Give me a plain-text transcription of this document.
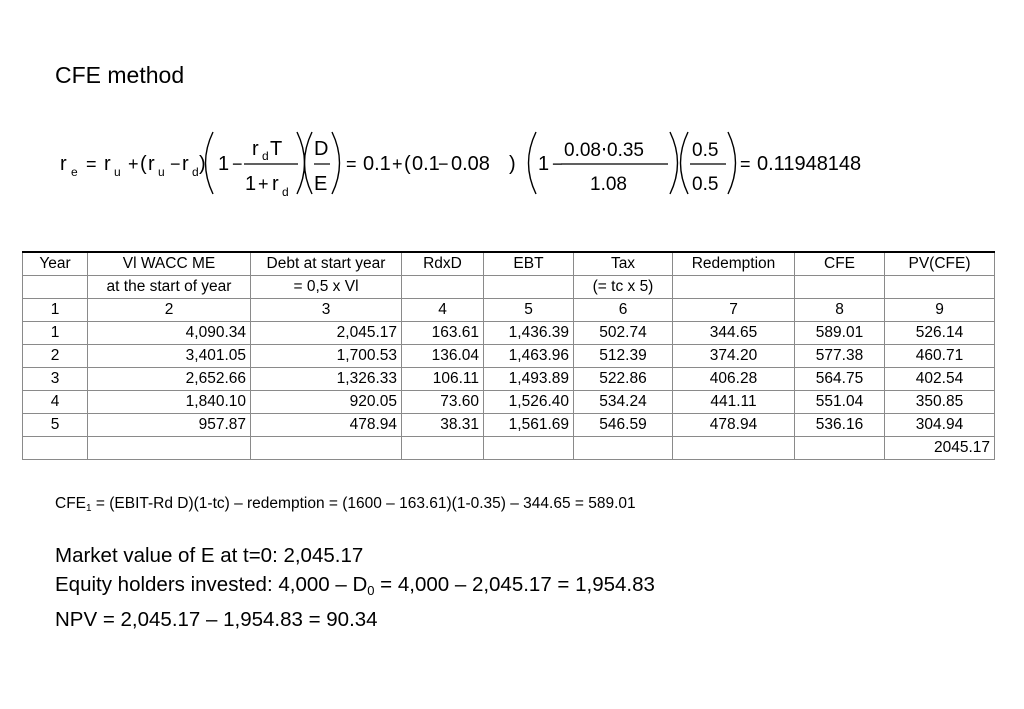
CFE method
r e = r u + ( r u − r d ) 1 −
r d T
1 + r d
D
E
= 0.1 + ( 0.1
− 0.08 ) 1 −
0.08⋅0.35
1.08
0.5
0.5
= 0.11948148
Year	Vl WACC ME	Debt at start year	RdxD	EBT	Tax	Redemption	CFE	PV(CFE)
	at the start of year	= 0,5 x Vl			(= tc x 5)			
1	2	3	4	5	6	7	8	9
1	4,090.34	2,045.17	163.61	1,436.39	502.74	344.65	589.01	526.14
2	3,401.05	1,700.53	136.04	1,463.96	512.39	374.20	577.38	460.71
3	2,652.66	1,326.33	106.11	1,493.89	522.86	406.28	564.75	402.54
4	1,840.10	920.05	73.60	1,526.40	534.24	441.11	551.04	350.85
5	957.87	478.94	38.31	1,561.69	546.59	478.94	536.16	304.94
								2045.17
$CFE_1$ = (EBIT-Rd D)(1-tc) – redemption = (1600 – 163.61)(1-0.35) – 344.65 = 589.01
Market value of E at t=0: 2,045.17
Equity holders invested: $4,000 - D_0 = 4,000 - 2,045.17 = 1,954.83$
NPV = 2,045.17 – 1,954.83 = 90.34
